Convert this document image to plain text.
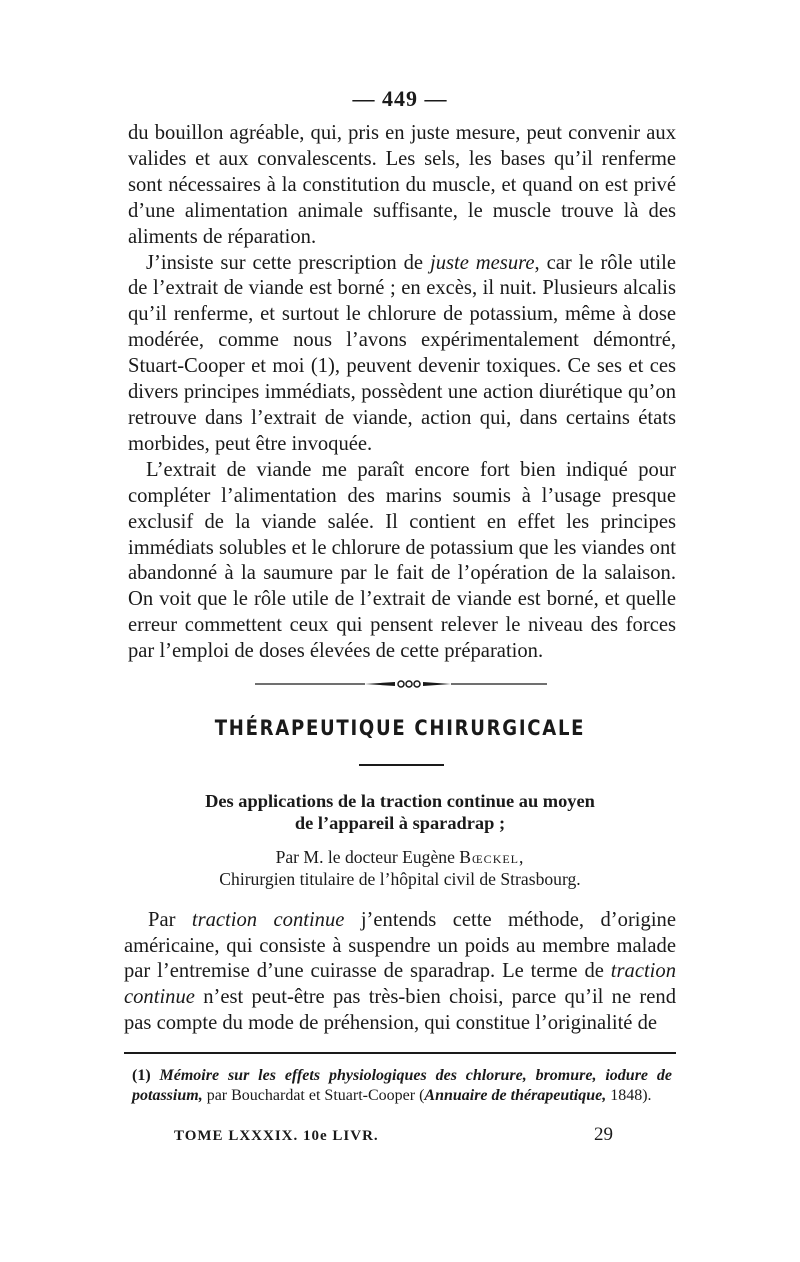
— 449 —

du bouillon agréable, qui, pris en juste mesure, peut convenir aux valides et aux convalescents. Les sels, les bases qu’il renferme sont nécessaires à la constitution du muscle, et quand on est privé d’une alimentation animale suffisante, le muscle trouve là des aliments de réparation.

J’insiste sur cette prescription de juste mesure, car le rôle utile de l’extrait de viande est borné ; en excès, il nuit. Plusieurs alcalis qu’il renferme, et surtout le chlorure de potassium, même à dose modérée, comme nous l’avons expérimentalement démontré, Stuart-Cooper et moi (1), peuvent devenir toxiques. Ce ses et ces divers principes immédiats, possèdent une action diurétique qu’on retrouve dans l’extrait de viande, action qui, dans certains états morbides, peut être invoquée.

L’extrait de viande me paraît encore fort bien indiqué pour compléter l’alimentation des marins soumis à l’usage presque exclusif de la viande salée. Il contient en effet les principes immédiats solubles et le chlorure de potassium que les viandes ont abandonné à la saumure par le fait de l’opération de la salaison. On voit que le rôle utile de l’extrait de viande est borné, et quelle erreur commettent ceux qui pensent relever le niveau des forces par l’emploi de doses élevées de cette préparation.

THÉRAPEUTIQUE CHIRURGICALE
Des applications de la traction continue au moyen
de l’appareil à sparadrap ;
Par M. le docteur Eugène Bœckel,
Chirurgien titulaire de l’hôpital civil de Strasbourg.

Par traction continue j’entends cette méthode, d’origine américaine, qui consiste à suspendre un poids au membre malade par l’entremise d’une cuirasse de sparadrap. Le terme de traction continue n’est peut-être pas très-bien choisi, parce qu’il ne rend pas compte du mode de préhension, qui constitue l’originalité de

(1) Mémoire sur les effets physiologiques des chlorure, bromure, iodure de potassium, par Bouchardat et Stuart-Cooper (Annuaire de thérapeutique, 1848).
TOME LXXXIX. 10e LIVR.	29
